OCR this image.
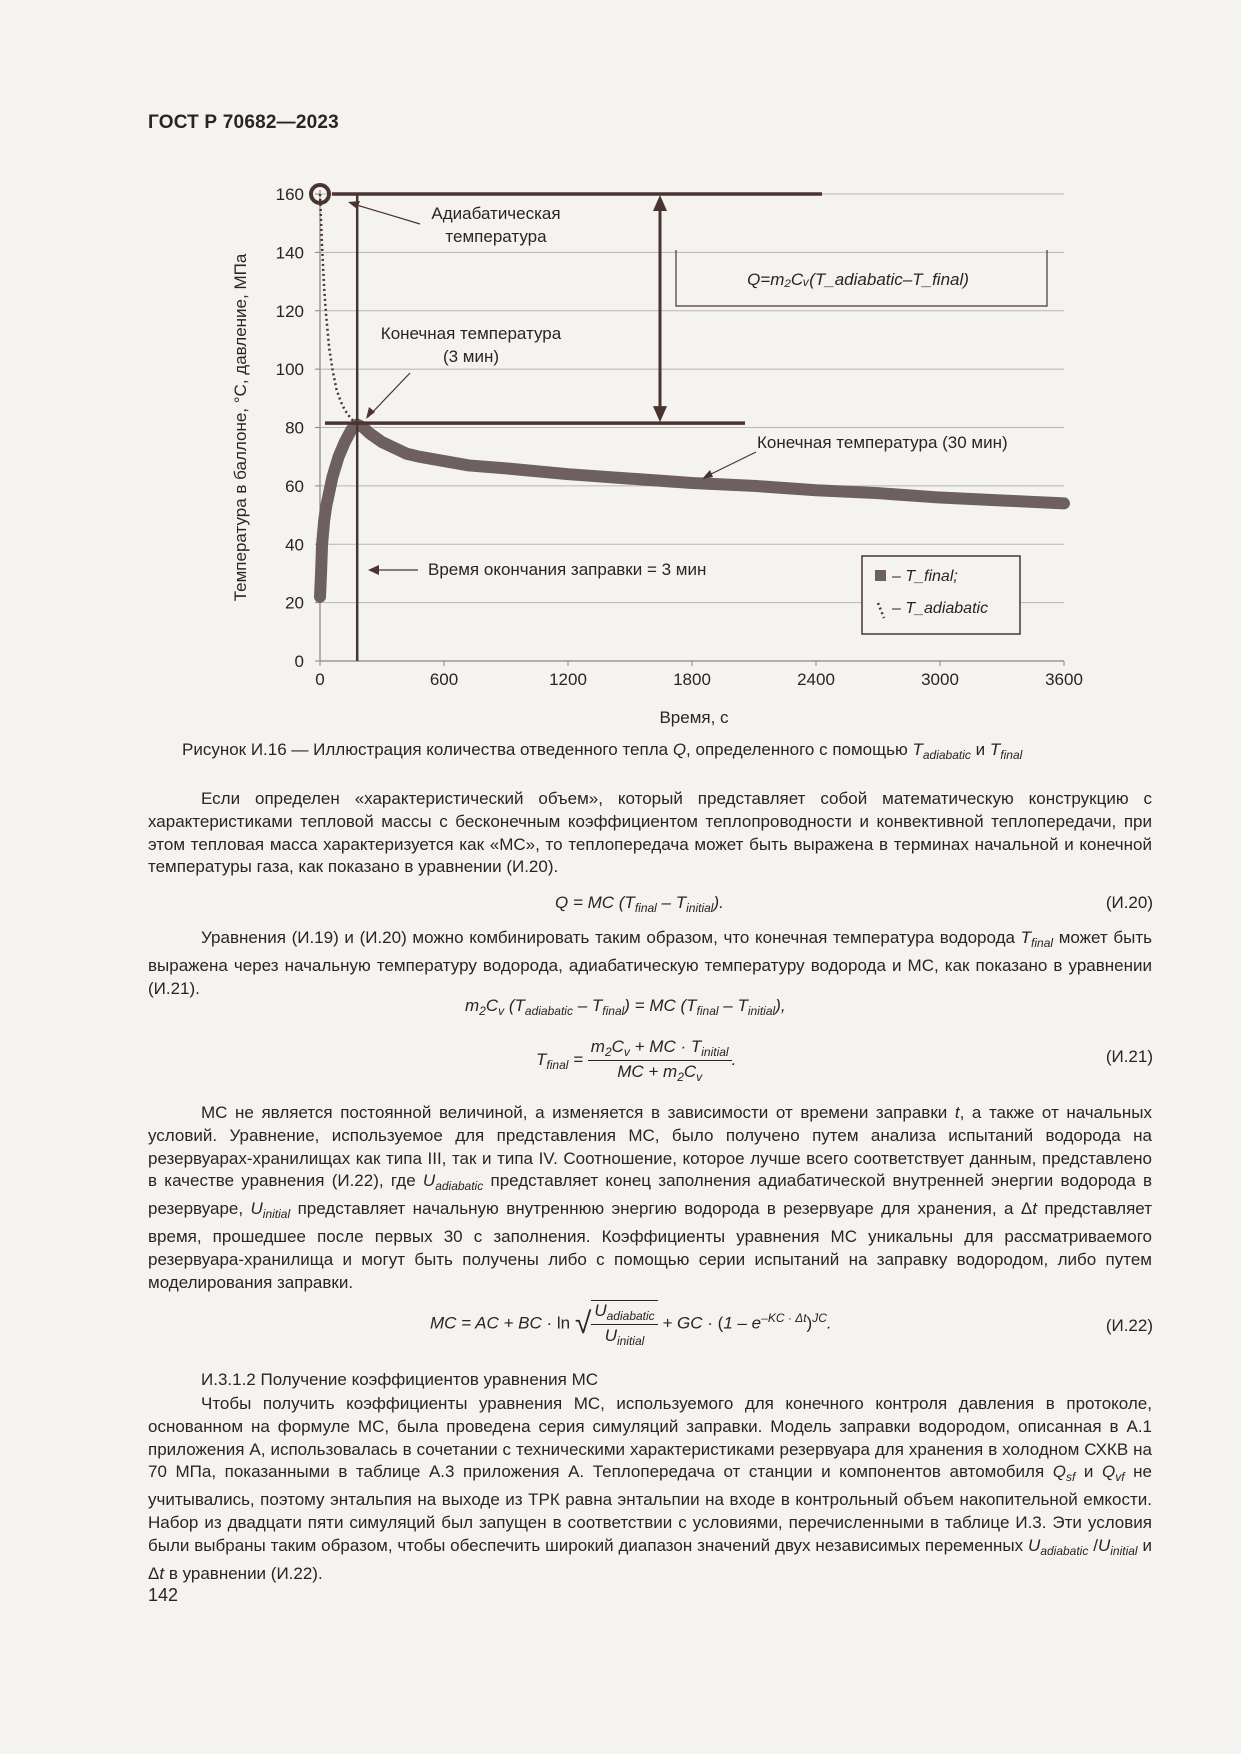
ГОСТ Р 70682—2023
0	600	1200	1800	2400	3000	3600
0
20
40
60
80
100
120
140
160
Время, с
Температура в баллоне, °С, давление, МПа	Q=m₂Cᵥ(T_adiabatic–T_final)
Адиабатическая
температура
Конечная температура
(3 мин)
Конечная температура (30 мин)
Время окончания заправки = 3 мин	– T_final;
– T_adiabatic
Рисунок И.16 — Иллюстрация количества отведенного тепла Q, определенного с помощью $T_{adiabatic}$ и $T_{final}$
Если определен «характеристический объем», который представляет собой математическую конструкцию с характеристиками тепловой массы с бесконечным коэффициентом теплопроводности и конвективной теплопередачи, при этом тепловая масса характеризуется как «МС», то теплопередача может быть выражена в терминах начальной и конечной температуры газа, как показано в уравнении (И.20).
Q = MC $(T_{final} - T_{initial})$.	(И.20)
Уравнения (И.19) и (И.20) можно комбинировать таким образом, что конечная температура водорода $T_{final}$ может быть выражена через начальную температуру водорода, адиабатическую температуру водорода и МС, как показано в уравнении (И.21).
$m_2C_v$ $(T_{adiabatic} - T_{final})$ = MC $(T_{final} - T_{initial})$,
$T_{final} = \frac{m_2C_v + MC \cdot T_{initial}}{MC + m_2C_v}$ .	(И.21)
МС не является постоянной величиной, а изменяется в зависимости от времени заправки t, а также от начальных условий. Уравнение, используемое для представления МС, было получено путем анализа испытаний водорода на резервуарах-хранилищах как типа III, так и типа IV. Соотношение, которое лучше всего соответствует данным, представлено в качестве уравнения (И.22), где $U_{adiabatic}$ представляет конец заполнения адиабатической внутренней энергии водорода в резервуаре, $U_{initial}$ представляет начальную внутреннюю энергию водорода в резервуаре для хранения, а Δt представляет время, прошедшее после первых 30 с заполнения. Коэффициенты уравнения МС уникальны для рассматриваемого резервуара-хранилища и могут быть получены либо с помощью серии испытаний на заправку водородом, либо путем моделирования заправки.
MC = AC + BC · ln √ $\frac{U_{adiabatic}}{U_{initial}}$ + GC · $(1 - e^{-KC \cdot \Delta t})^{JC}$.	(И.22)
И.3.1.2 Получение коэффициентов уравнения МС
Чтобы получить коэффициенты уравнения МС, используемого для конечного контроля давления в протоколе, основанном на формуле МС, была проведена серия симуляций заправки. Модель заправки водородом, описанная в А.1 приложения А, использовалась в сочетании с техническими характеристиками резервуара для хранения в холодном СХКВ на 70 МПа, показанными в таблице А.3 приложения А. Теплопередача от станции и компонентов автомобиля $Q_{sf}$ и $Q_{vf}$ не учитывались, поэтому энтальпия на выходе из ТРК равна энтальпии на входе в контрольный объем накопительной емкости. Набор из двадцати пяти симуляций был запущен в соответствии с условиями, перечисленными в таблице И.3. Эти условия были выбраны таким образом, чтобы обеспечить широкий диапазон значений двух независимых переменных $U_{adiabatic}$ $/U_{initial}$ и Δt в уравнении (И.22).
142
